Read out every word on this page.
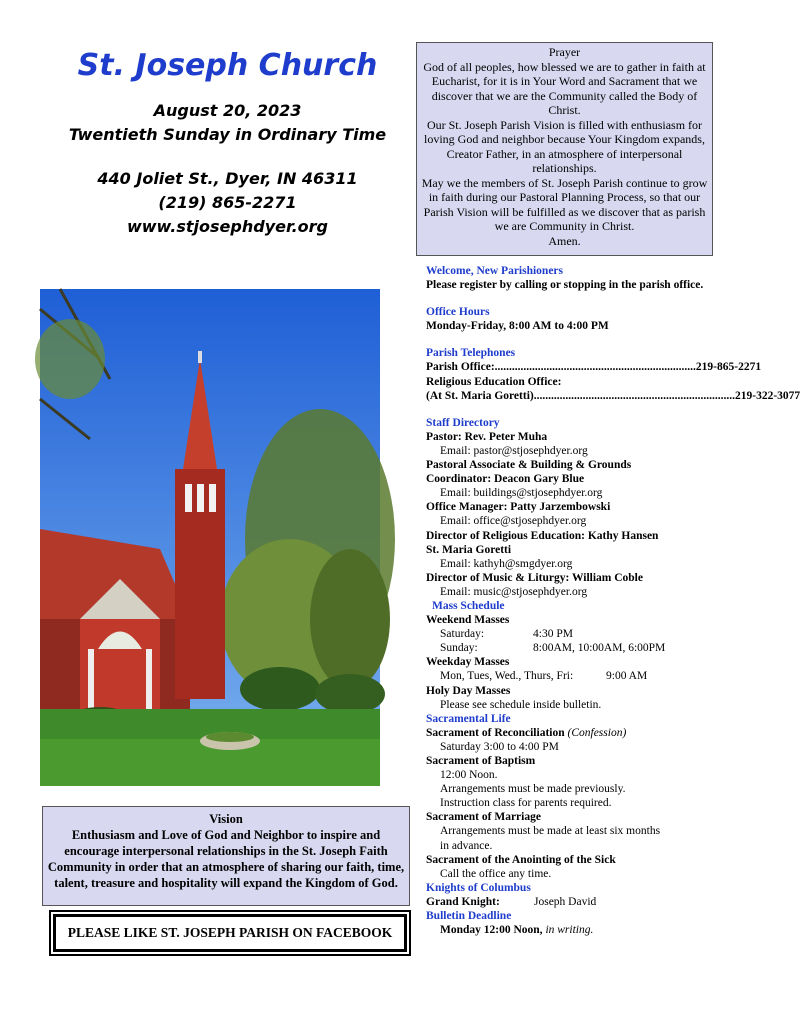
St. Joseph Church
August 20, 2023
Twentieth Sunday in Ordinary Time
440 Joliet St., Dyer, IN 46311
(219) 865-2271
www.stjosephdyer.org
Prayer
God of all peoples, how blessed we are to gather in faith at Eucharist, for it is in Your Word and Sacrament that we discover that we are the Community called the Body of Christ.
Our St. Joseph Parish Vision is filled with enthusiasm for loving God and neighbor because Your Kingdom expands, Creator Father, in an atmosphere of interpersonal relationships.
May we the members of St. Joseph Parish continue to grow in faith during our Pastoral Planning Process, so that our Parish Vision will be fulfilled as we discover that as parish we are Community in Christ.
Amen.
Vision
Enthusiasm and Love of God and Neighbor to inspire and encourage interpersonal relationships in the St. Joseph Faith Community in order that an atmosphere of sharing our faith, time, talent, treasure and hospitality will expand the Kingdom of God.
PLEASE LIKE ST. JOSEPH PARISH ON FACEBOOK
Welcome, New Parishioners
Please register by calling or stopping in the parish office.
Office Hours
Monday-Friday, 8:00 AM to 4:00 PM
Parish Telephones
Parish Office: ...................................................................... 219-865-2271
Religious Education Office:
(At St. Maria Goretti) ...................................................................... 219-322-3077
Staff Directory
Pastor: Rev. Peter Muha
Email: pastor@stjosephdyer.org
Pastoral Associate & Building & Grounds
Coordinator: Deacon Gary Blue
Email: buildings@stjosephdyer.org
Office Manager: Patty Jarzembowski
Email: office@stjosephdyer.org
Director of Religious Education: Kathy Hansen
St. Maria Goretti
Email: kathyh@smgdyer.org
Director of Music & Liturgy: William Coble
Email: music@stjosephdyer.org
Mass Schedule
Weekend Masses
Saturday:	4:30 PM
Sunday:	8:00AM, 10:00AM, 6:00PM
Weekday Masses
Mon, Tues, Wed., Thurs, Fri:	9:00 AM
Holy Day Masses
Please see schedule inside bulletin.
Sacramental Life
Sacrament of Reconciliation (Confession)
Saturday 3:00 to 4:00 PM
Sacrament of Baptism
12:00 Noon.
Arrangements must be made previously.
Instruction class for parents required.
Sacrament of Marriage
Arrangements must be made at least six months
in advance.
Sacrament of the Anointing of the Sick
Call the office any time.
Knights of Columbus
Grand Knight:	Joseph David
Bulletin Deadline
Monday 12:00 Noon, in writing.
